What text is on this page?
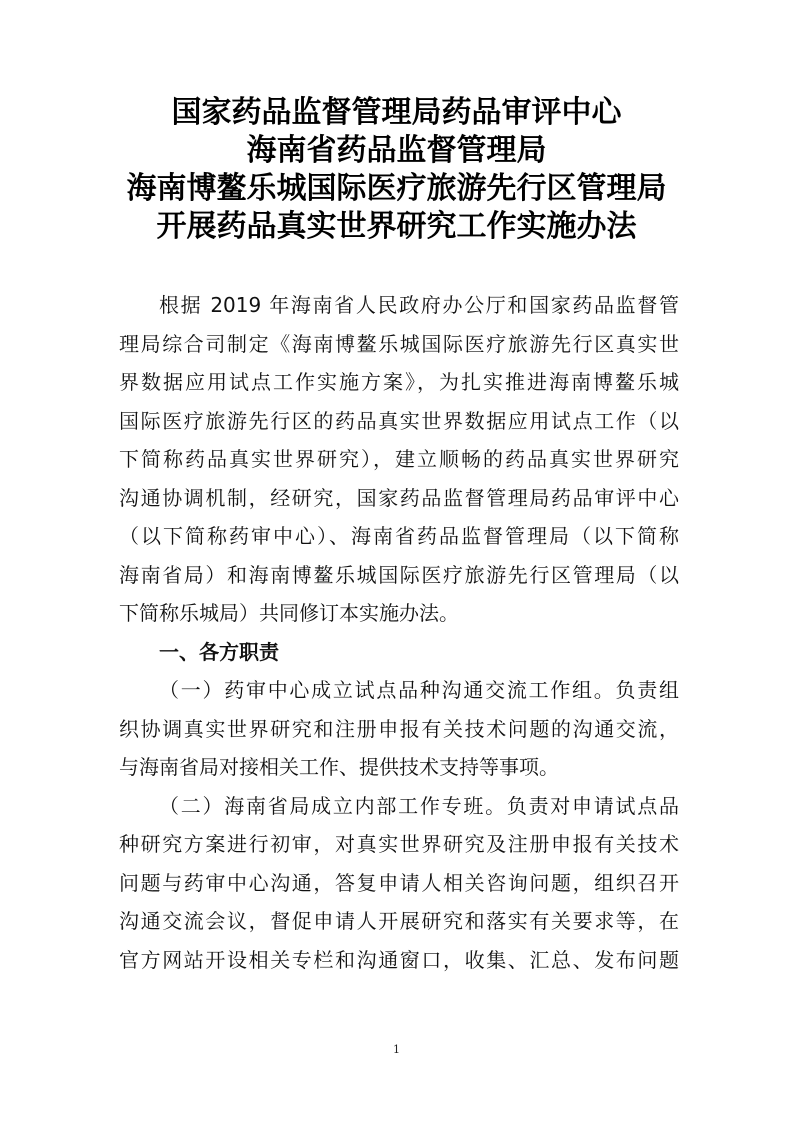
国家药品监督管理局药品审评中心
海南省药品监督管理局
海南博鳌乐城国际医疗旅游先行区管理局
开展药品真实世界研究工作实施办法
根据 2019 年海南省人民政府办公厅和国家药品监督管
理局综合司制定《海南博鳌乐城国际医疗旅游先行区真实世
界数据应用试点工作实施方案》，为扎实推进海南博鳌乐城
国际医疗旅游先行区的药品真实世界数据应用试点工作（以
下简称药品真实世界研究），建立顺畅的药品真实世界研究
沟通协调机制，经研究，国家药品监督管理局药品审评中心
（以下简称药审中心）、海南省药品监督管理局（以下简称
海南省局）和海南博鳌乐城国际医疗旅游先行区管理局（以
下简称乐城局）共同修订本实施办法。
一、各方职责
（一）药审中心成立试点品种沟通交流工作组。负责组
织协调真实世界研究和注册申报有关技术问题的沟通交流，
与海南省局对接相关工作、提供技术支持等事项。
（二）海南省局成立内部工作专班。负责对申请试点品
种研究方案进行初审，对真实世界研究及注册申报有关技术
问题与药审中心沟通，答复申请人相关咨询问题，组织召开
沟通交流会议，督促申请人开展研究和落实有关要求等，在
官方网站开设相关专栏和沟通窗口，收集、汇总、发布问题
1
